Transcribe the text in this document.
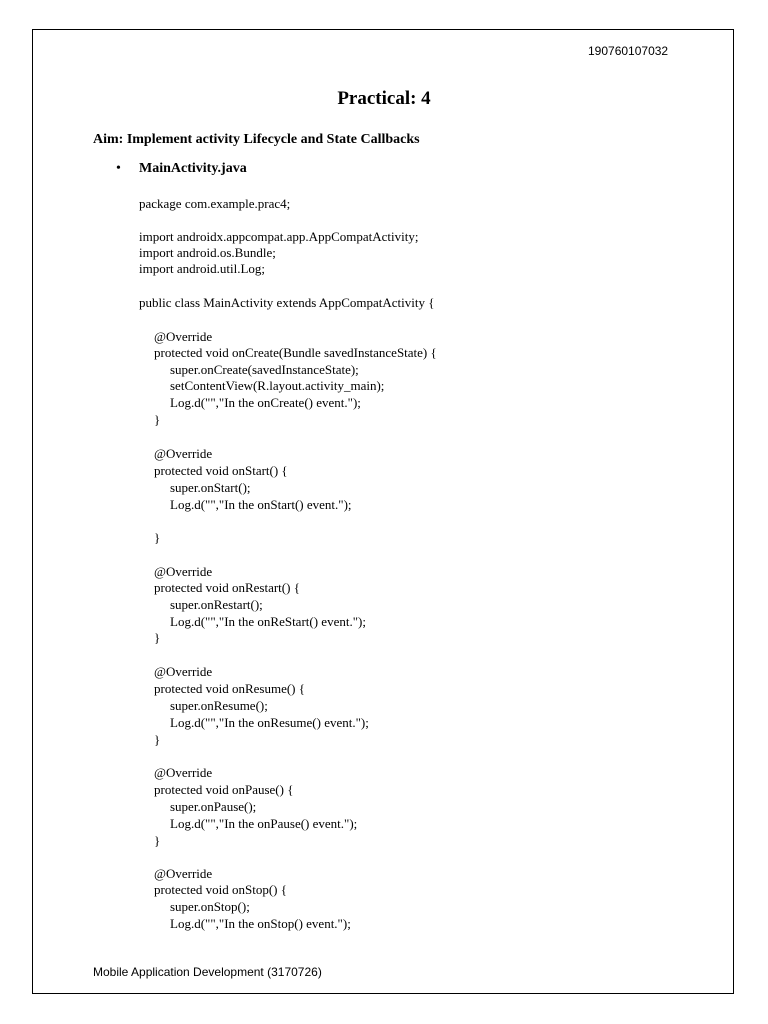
190760107032
Practical: 4
Aim: Implement activity Lifecycle and State Callbacks
• MainActivity.java
package com.example.prac4;
import androidx.appcompat.app.AppCompatActivity;
import android.os.Bundle;
import android.util.Log;
public class MainActivity extends AppCompatActivity {
@Override
protected void onCreate(Bundle savedInstanceState) {
super.onCreate(savedInstanceState);
setContentView(R.layout.activity_main);
Log.d("","In the onCreate() event.");
}
@Override
protected void onStart() {
super.onStart();
Log.d("","In the onStart() event.");
}
@Override
protected void onRestart() {
super.onRestart();
Log.d("","In the onReStart() event.");
}
@Override
protected void onResume() {
super.onResume();
Log.d("","In the onResume() event.");
}
@Override
protected void onPause() {
super.onPause();
Log.d("","In the onPause() event.");
}
@Override
protected void onStop() {
super.onStop();
Log.d("","In the onStop() event.");
Mobile Application Development (3170726)
